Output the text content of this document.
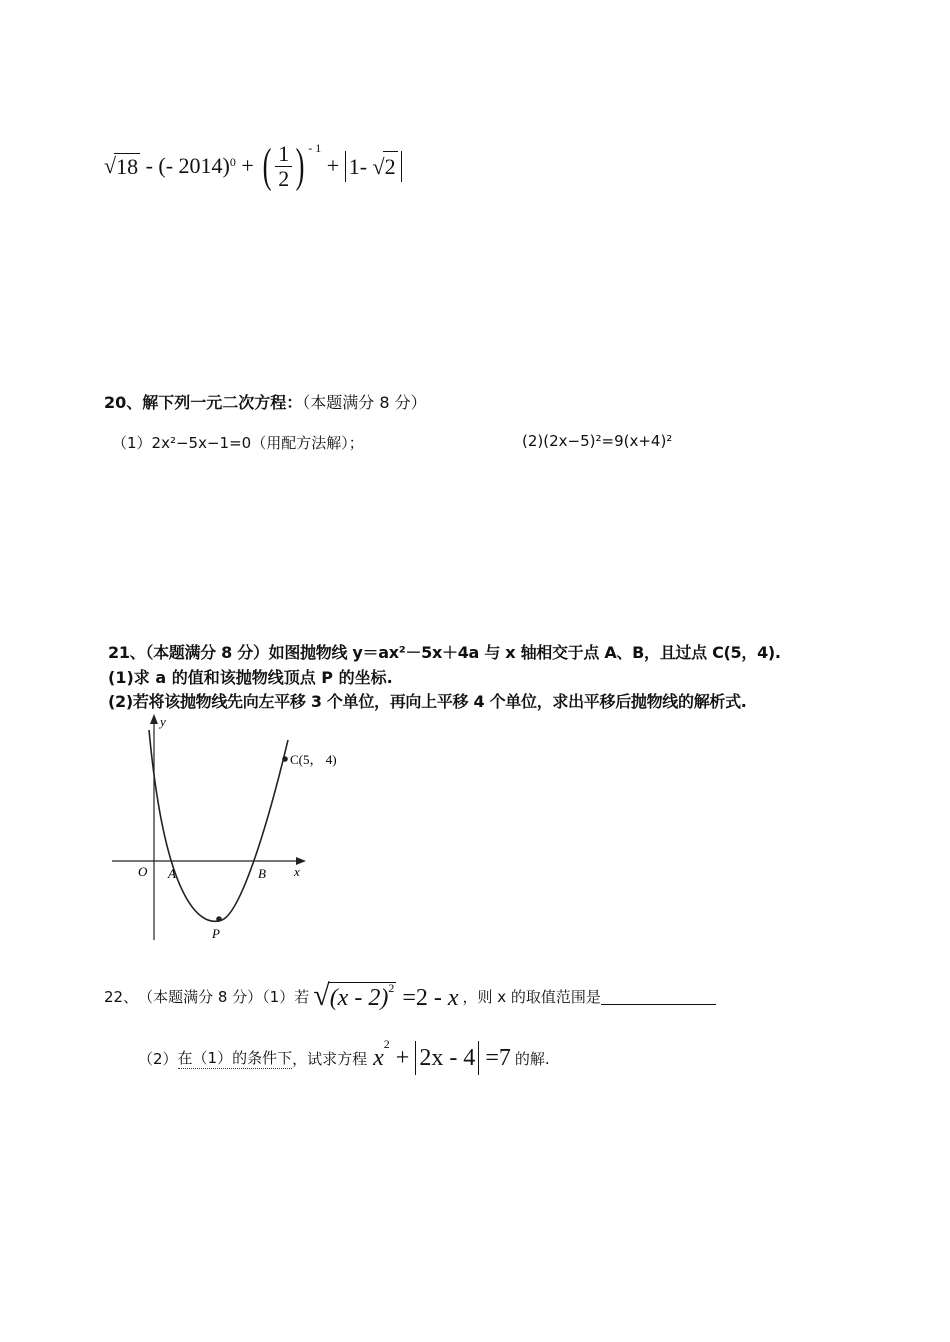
√ 18 - (- 2014) 0 + ( $\frac{1}{2}$ ) - 1
+ 1- √2
20、解下列一元二次方程：（本题满分 8 分）
（1）2x²−5x−1=0（用配方法解）；	(2)(2x−5)²=9(x+4)²
21、（本题满分 8 分）如图抛物线 y＝ax²－5x＋4a 与 x 轴相交于点 A、B，且过点 C(5，4).
(1)求 a 的值和该抛物线顶点 P 的坐标.
(2)若将该抛物线先向左平移 3 个单位，再向上平移 4 个单位，求出平移后抛物线的解析式.
y
x
O A	B
P
C(5， 4)
22、 （本题满分 8 分）（1）若 √(x - 2)$^2$ =2 - x ，则 x 的取值范围是
（2） 在（1）的条件下 ，试求方程 $x^2 + 2x - 4 =7$ 的解.
